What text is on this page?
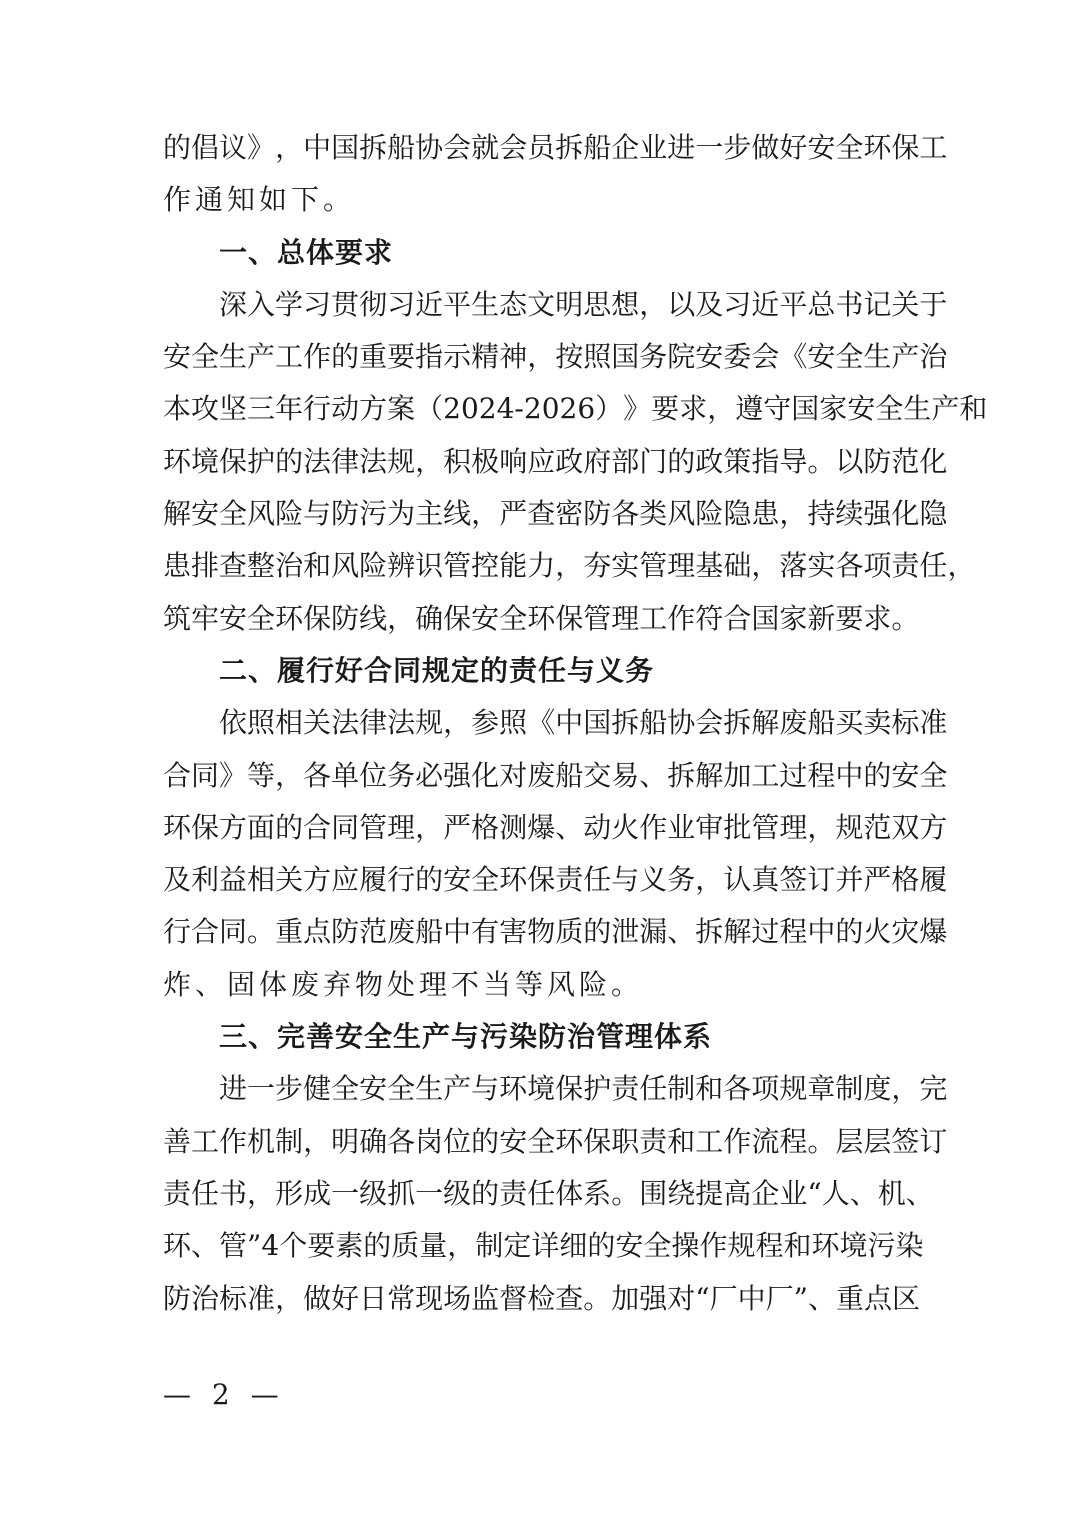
的 倡 议 》 ， 中 国 拆 船 协 会 就 会 员 拆 船 企 业 进 一 步 做 好 安 全 环 保 工
作通知如下。
一、总体要求
深 入 学 习 贯 彻 习 近 平 生 态 文 明 思 想 ， 以 及 习 近 平 总 书 记 关 于
安 全 生 产 工 作 的 重 要 指 示 精 神 ， 按 照 国 务 院 安 委 会 《 安 全 生 产 治
本 攻 坚 三 年 行 动 方 案 （ 2024-2026 ） 》 要 求 ， 遵 守 国 家 安 全 生 产 和
环 境 保 护 的 法 律 法 规 ， 积 极 响 应 政 府 部 门 的 政 策 指 导 。 以 防 范 化
解 安 全 风 险 与 防 污 为 主 线 ， 严 查 密 防 各 类 风 险 隐 患 ， 持 续 强 化 隐
患 排 查 整 治 和 风 险 辨 识 管 控 能 力 ， 夯 实 管 理 基 础 ， 落 实 各 项 责 任 ，
筑 牢 安 全 环 保 防 线 ， 确 保 安 全 环 保 管 理 工 作 符 合 国 家 新 要 求 。
二、履行好合同规定的责任与义务
依 照 相 关 法 律 法 规 ， 参 照 《 中 国 拆 船 协 会 拆 解 废 船 买 卖 标 准
合 同 》 等 ， 各 单 位 务 必 强 化 对 废 船 交 易 、 拆 解 加 工 过 程 中 的 安 全
环 保 方 面 的 合 同 管 理 ， 严 格 测 爆 、 动 火 作 业 审 批 管 理 ， 规 范 双 方
及 利 益 相 关 方 应 履 行 的 安 全 环 保 责 任 与 义 务 ， 认 真 签 订 并 严 格 履
行 合 同 。 重 点 防 范 废 船 中 有 害 物 质 的 泄 漏 、 拆 解 过 程 中 的 火 灾 爆
炸、固体废弃物处理不当等风险。
三、完善安全生产与污染防治管理体系
进 一 步 健 全 安 全 生 产 与 环 境 保 护 责 任 制 和 各 项 规 章 制 度 ， 完
善 工 作 机 制 ， 明 确 各 岗 位 的 安 全 环 保 职 责 和 工 作 流 程 。 层 层 签 订
责 任 书 ， 形 成 一 级 抓 一 级 的 责 任 体 系 。 围 绕 提 高 企 业 “ 人 、 机 、
环 、 管 ” 4 个 要 素 的 质 量 ， 制 定 详 细 的 安 全 操 作 规 程 和 环 境 污 染
防 治 标 准 ， 做 好 日 常 现 场 监 督 检 查 。 加 强 对 “ 厂 中 厂 ” 、 重 点 区
— 2 —
